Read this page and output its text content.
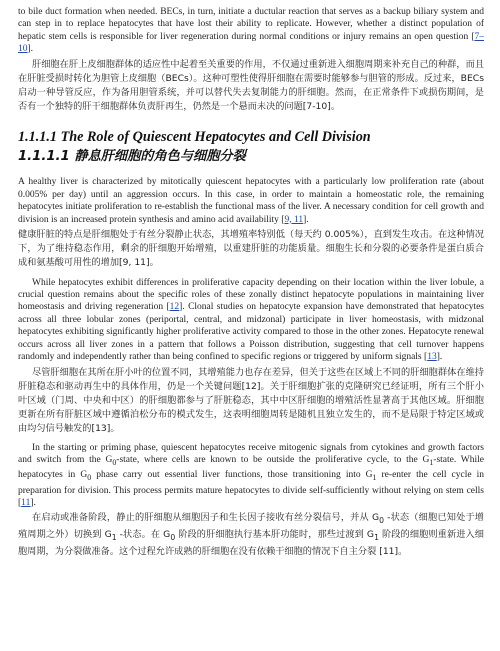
to bile duct formation when needed. BECs, in turn, initiate a ductular reaction that serves as a backup biliary system and can step in to replace hepatocytes that have lost their ability to replicate. However, whether a distinct population of hepatic stem cells is responsible for liver regeneration during normal conditions or injury remains an open question [7–10].

肝细胞在肝上皮细胞群体的适应性中起着至关重要的作用，不仅通过重新进入细胞周期来补充自己的种群，而且在肝脏受损时转化为胆管上皮细胞（BECs）。这种可塑性使得肝细胞在需要时能够参与胆管的形成。反过来，BECs 启动一种导管反应，作为备用胆管系统，并可以替代失去复制能力的肝细胞。然而，在正常条件下或损伤期间，是否有一个独特的肝干细胞群体负责肝再生，仍然是一个悬而未决的问题[7-10]。

1.1.1.1 The Role of Quiescent Hepatocytes and Cell Division
1.1.1.1 静息肝细胞的角色与细胞分裂

A healthy liver is characterized by mitotically quiescent hepatocytes with a particularly low proliferation rate (about 0.005% per day) until an aggression occurs. In this case, in order to maintain a homeostatic role, the remaining hepatocytes initiate proliferation to re-establish the functional mass of the liver. A necessary condition for cell growth and division is an increased protein synthesis and amino acid availability [9, 11].

健康肝脏的特点是肝细胞处于有丝分裂静止状态，其增殖率特别低（每天约 0.005%），直到发生攻击。在这种情况下，为了维持稳态作用，剩余的肝细胞开始增殖，以重建肝脏的功能质量。细胞生长和分裂的必要条件是蛋白质合成和氨基酸可用性的增加[9, 11]。

While hepatocytes exhibit differences in proliferative capacity depending on their location within the liver lobule, a crucial question remains about the specific roles of these zonally distinct hepatocyte populations in maintaining liver homeostasis and driving regeneration [12]. Clonal studies on hepatocyte expansion have demonstrated that hepatocytes across all three lobular zones (periportal, central, and midzonal) participate in liver homeostasis, with midzonal hepatocytes exhibiting significantly higher proliferative activity compared to those in the other zones. Hepatocyte renewal occurs across all liver zones in a pattern that follows a Poisson distribution, suggesting that cell turnover happens randomly and independently rather than being confined to specific regions or triggered by uniform signals [13].

尽管肝细胞在其所在肝小叶的位置不同，其增殖能力也存在差异，但关于这些在区域上不同的肝细胞群体在维持肝脏稳态和驱动再生中的具体作用，仍是一个关键问题[12]。关于肝细胞扩张的克隆研究已经证明，所有三个肝小叶区域（门周、中央和中区）的肝细胞都参与了肝脏稳态，其中中区肝细胞的增殖活性显著高于其他区域。肝细胞更新在所有肝脏区域中遵循泊松分布的模式发生，这表明细胞周转是随机且独立发生的，而不是局限于特定区域或由均匀信号触发的[13]。

In the starting or priming phase, quiescent hepatocytes receive mitogenic signals from cytokines and growth factors and switch from the $G_0$-state, where cells are known to be outside the proliferative cycle, to the $G_1$-state. While hepatocytes in $G_0$ phase carry out essential liver functions, those transitioning into $G_1$ re-enter the cell cycle in preparation for division. This process permits mature hepatocytes to divide self-sufficiently without relying on stem cells [11].

在启动或准备阶段，静止的肝细胞从细胞因子和生长因子接收有丝分裂信号，并从 $G_0$ -状态（细胞已知处于增殖周期之外）切换到 $G_1$ -状态。在 $G_0$ 阶段的肝细胞执行基本肝功能时，那些过渡到 $G_1$ 阶段的细胞则重新进入细胞周期，为分裂做准备。这个过程允许成熟的肝细胞在没有依赖干细胞的情况下自主分裂 [11]。
